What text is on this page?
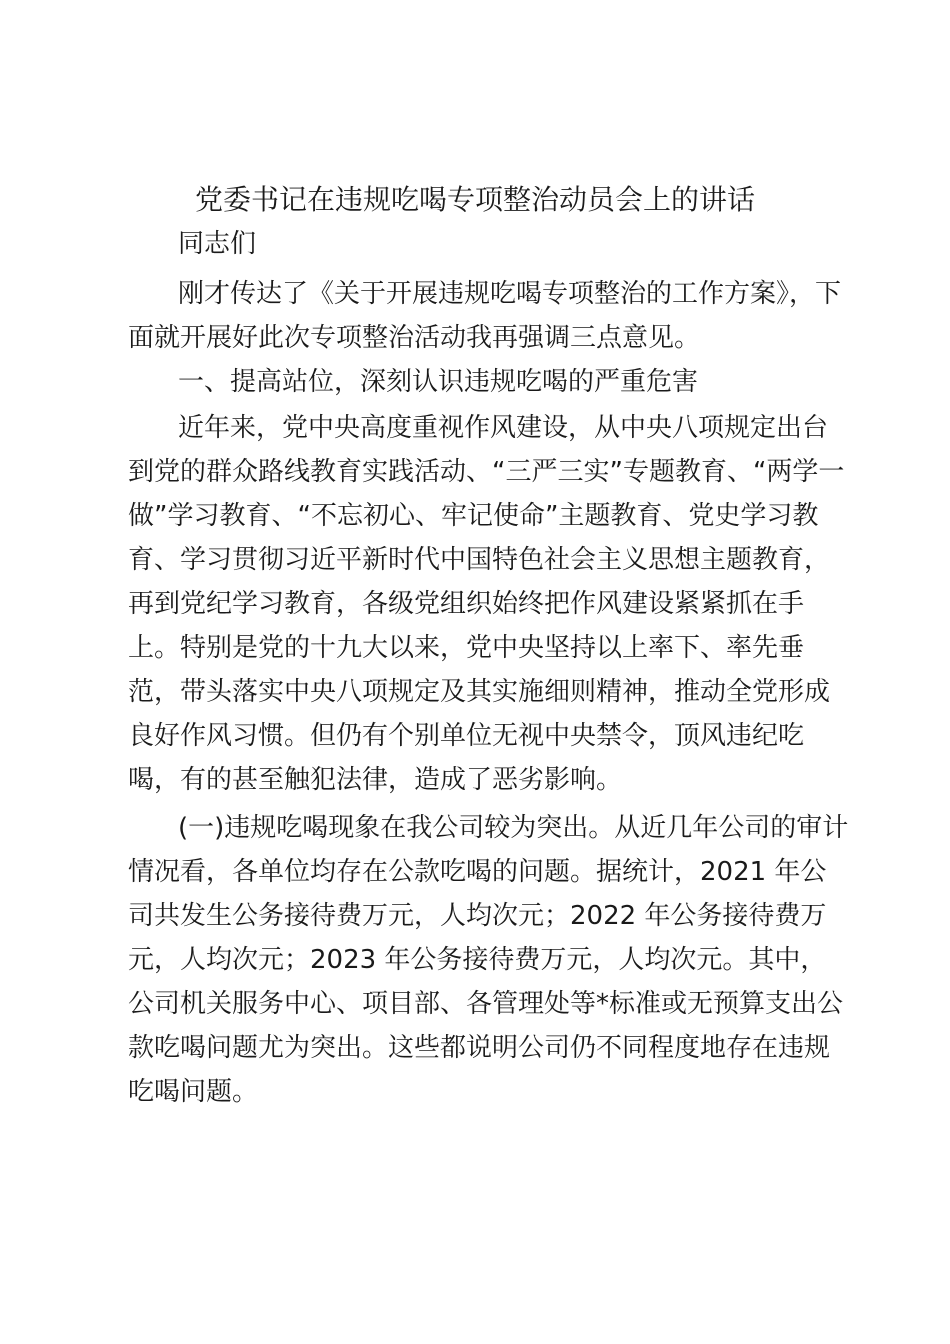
党委书记在违规吃喝专项整治动员会上的讲话
同志们
刚才传达了《关于开展违规吃喝专项整治的工作方案》，下
面就开展好此次专项整治活动我再强调三点意见。
一、提高站位，深刻认识违规吃喝的严重危害
近年来，党中央高度重视作风建设，从中央八项规定出台
到党的群众路线教育实践活动、“三严三实”专题教育、“两学一
做”学习教育、“不忘初心、牢记使命”主题教育、党史学习教
育、学习贯彻习近平新时代中国特色社会主义思想主题教育，
再到党纪学习教育，各级党组织始终把作风建设紧紧抓在手
上。特别是党的十九大以来，党中央坚持以上率下、率先垂
范，带头落实中央八项规定及其实施细则精神，推动全党形成
良好作风习惯。但仍有个别单位无视中央禁令，顶风违纪吃
喝，有的甚至触犯法律，造成了恶劣影响。
(一)违规吃喝现象在我公司较为突出。从近几年公司的审计
情况看，各单位均存在公款吃喝的问题。据统计，2021 年公
司共发生公务接待费万元，人均次元；2022 年公务接待费万
元，人均次元；2023 年公务接待费万元，人均次元。其中，
公司机关服务中心、项目部、各管理处等*标准或无预算支出公
款吃喝问题尤为突出。这些都说明公司仍不同程度地存在违规
吃喝问题。
